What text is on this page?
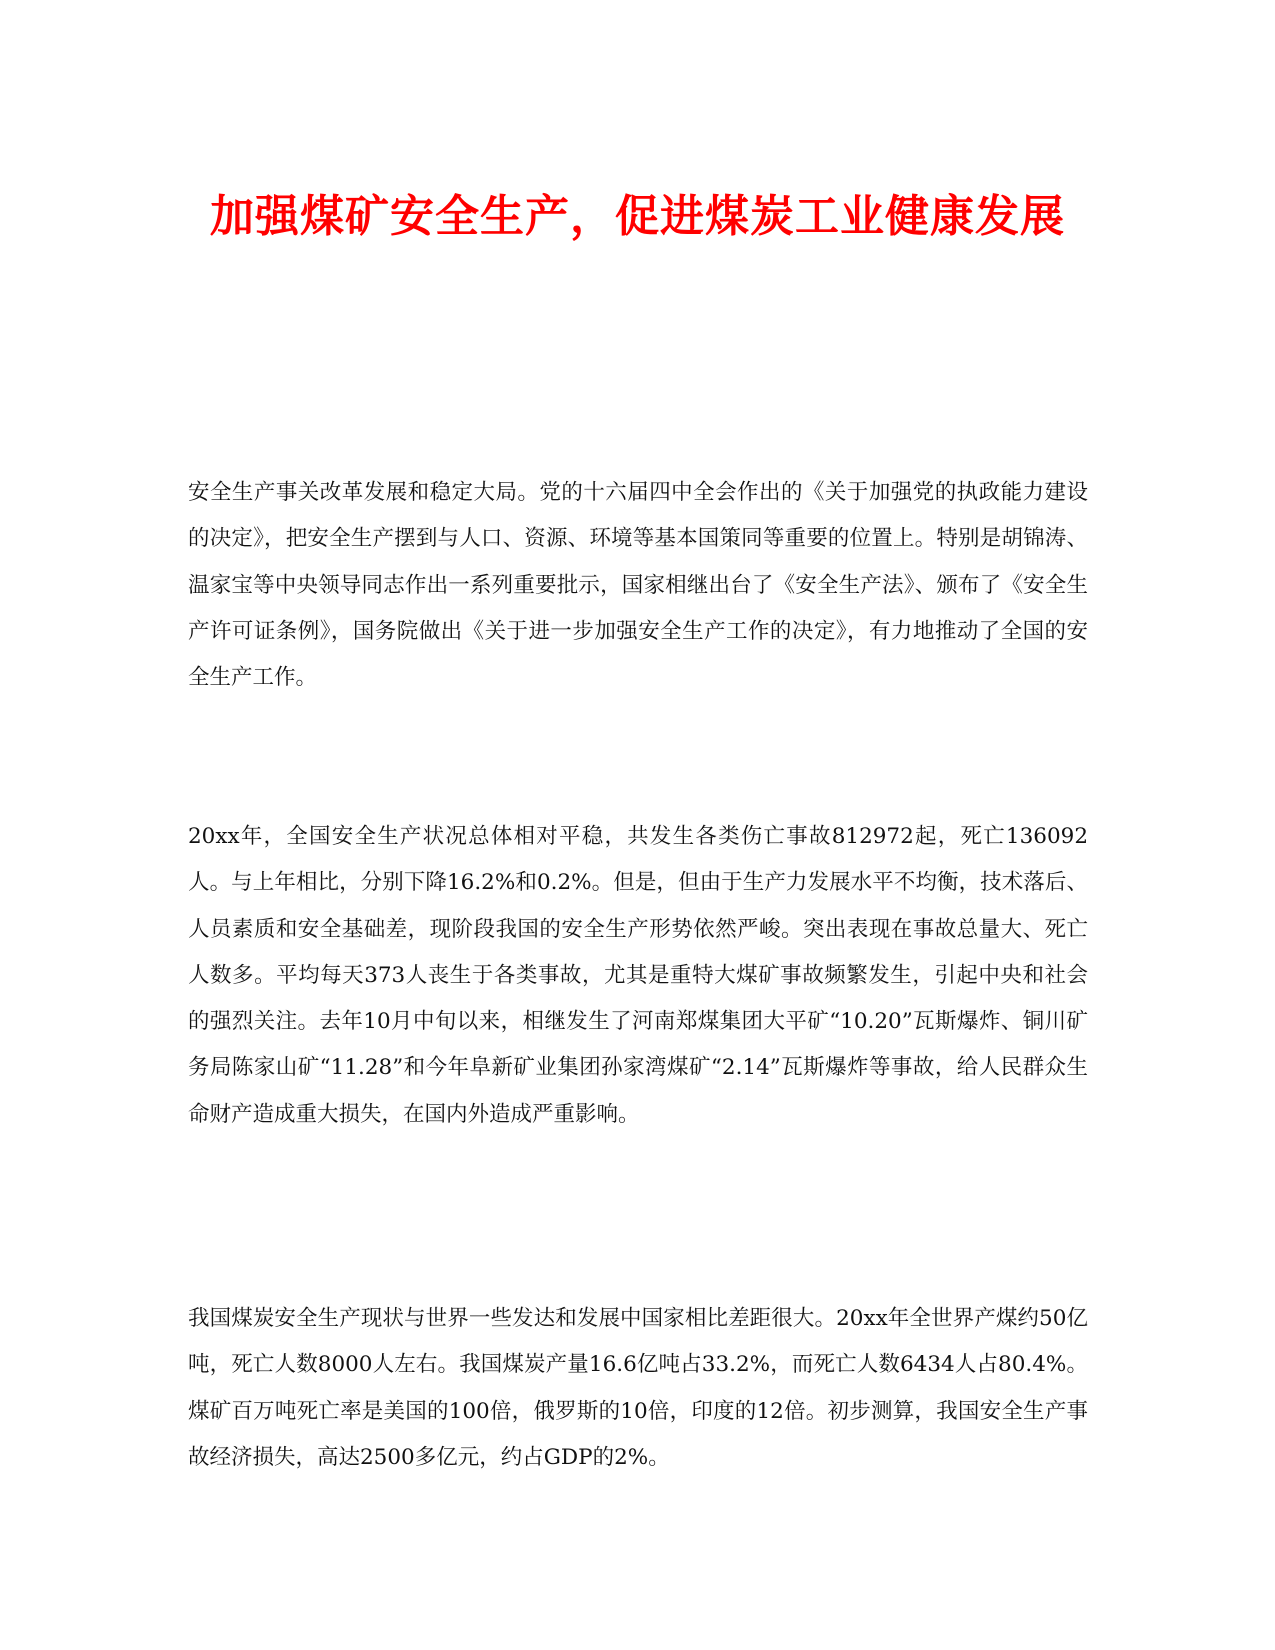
加强煤矿安全生产，促进煤炭工业健康发展

安全生产事关改革发展和稳定大局。党的十六届四中全会作出的《关于加强党的执政能力建设的决定》，把安全生产摆到与人口、资源、环境等基本国策同等重要的位置上。特别是胡锦涛、温家宝等中央领导同志作出一系列重要批示，国家相继出台了《安全生产法》、颁布了《安全生产许可证条例》，国务院做出《关于进一步加强安全生产工作的决定》，有力地推动了全国的安全生产工作。

20xx年，全国安全生产状况总体相对平稳，共发生各类伤亡事故812972起，死亡136092人。与上年相比，分别下降16.2%和0.2%。但是，但由于生产力发展水平不均衡，技术落后、人员素质和安全基础差，现阶段我国的安全生产形势依然严峻。突出表现在事故总量大、死亡人数多。平均每天373人丧生于各类事故，尤其是重特大煤矿事故频繁发生，引起中央和社会的强烈关注。去年10月中旬以来，相继发生了河南郑煤集团大平矿“10.20”瓦斯爆炸、铜川矿务局陈家山矿“11.28”和今年阜新矿业集团孙家湾煤矿“2.14”瓦斯爆炸等事故，给人民群众生命财产造成重大损失，在国内外造成严重影响。

我国煤炭安全生产现状与世界一些发达和发展中国家相比差距很大。20xx年全世界产煤约50亿吨，死亡人数8000人左右。我国煤炭产量16.6亿吨占33.2%，而死亡人数6434人占80.4%。煤矿百万吨死亡率是美国的100倍，俄罗斯的10倍，印度的12倍。初步测算，我国安全生产事故经济损失，高达2500多亿元，约占GDP的2%。
